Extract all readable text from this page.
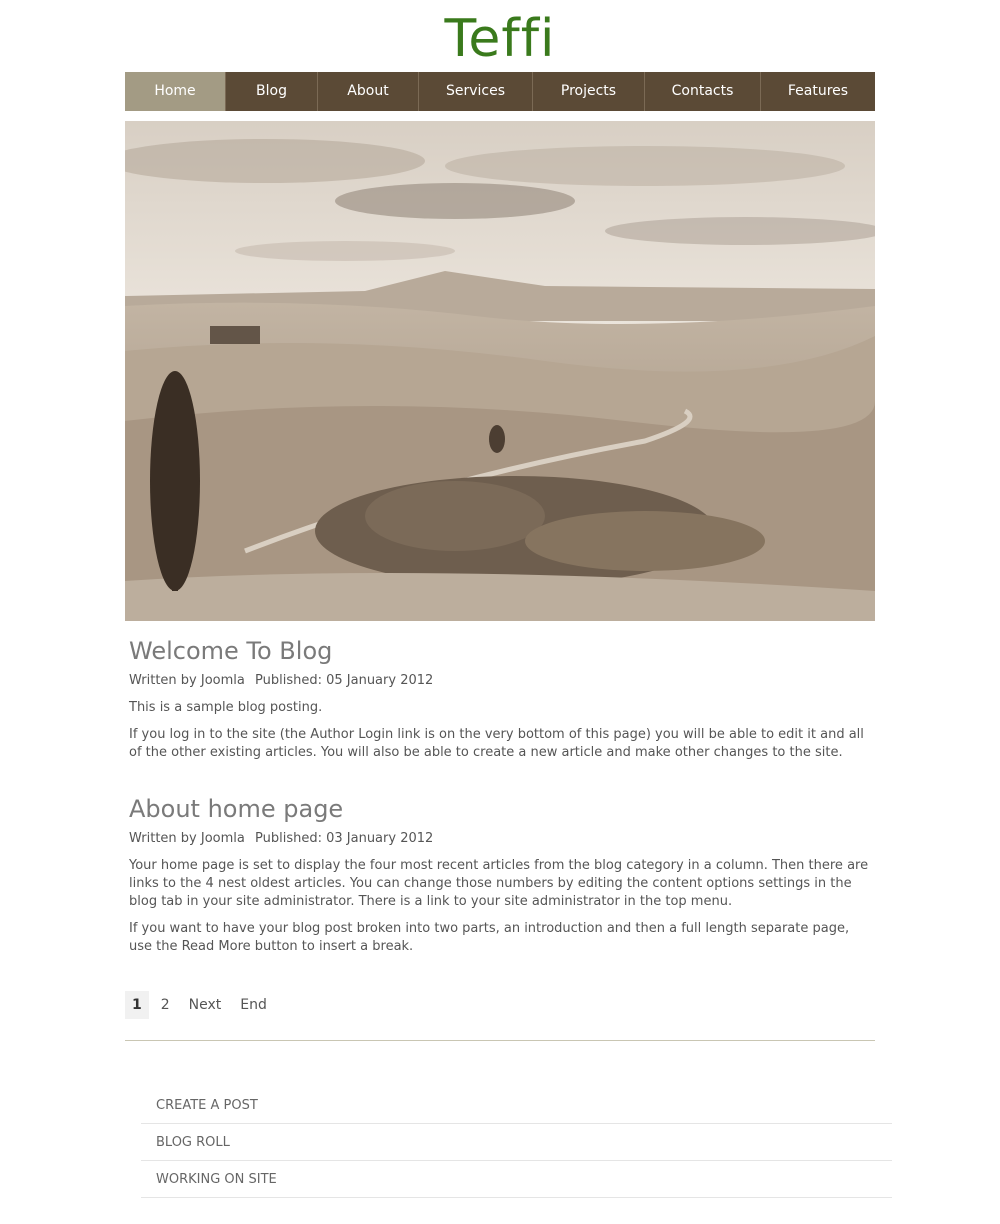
Teffi
Home	Blog	About	Services	Projects	Contacts	Features
Welcome To Blog
Written by Joomla Published: 05 January 2012

This is a sample blog posting.

If you log in to the site (the Author Login link is on the very bottom of this page) you will be able to edit it and all of the other existing articles. You will also be able to create a new article and make other changes to the site.

About home page
Written by Joomla Published: 03 January 2012

Your home page is set to display the four most recent articles from the blog category in a column. Then there are links to the 4 nest oldest articles. You can change those numbers by editing the content options settings in the blog tab in your site administrator. There is a link to your site administrator in the top menu.

If you want to have your blog post broken into two parts, an introduction and then a full length separate page, use the Read More button to insert a break.

1	2	Next	End
CREATE A POST
BLOG ROLL
WORKING ON SITE
